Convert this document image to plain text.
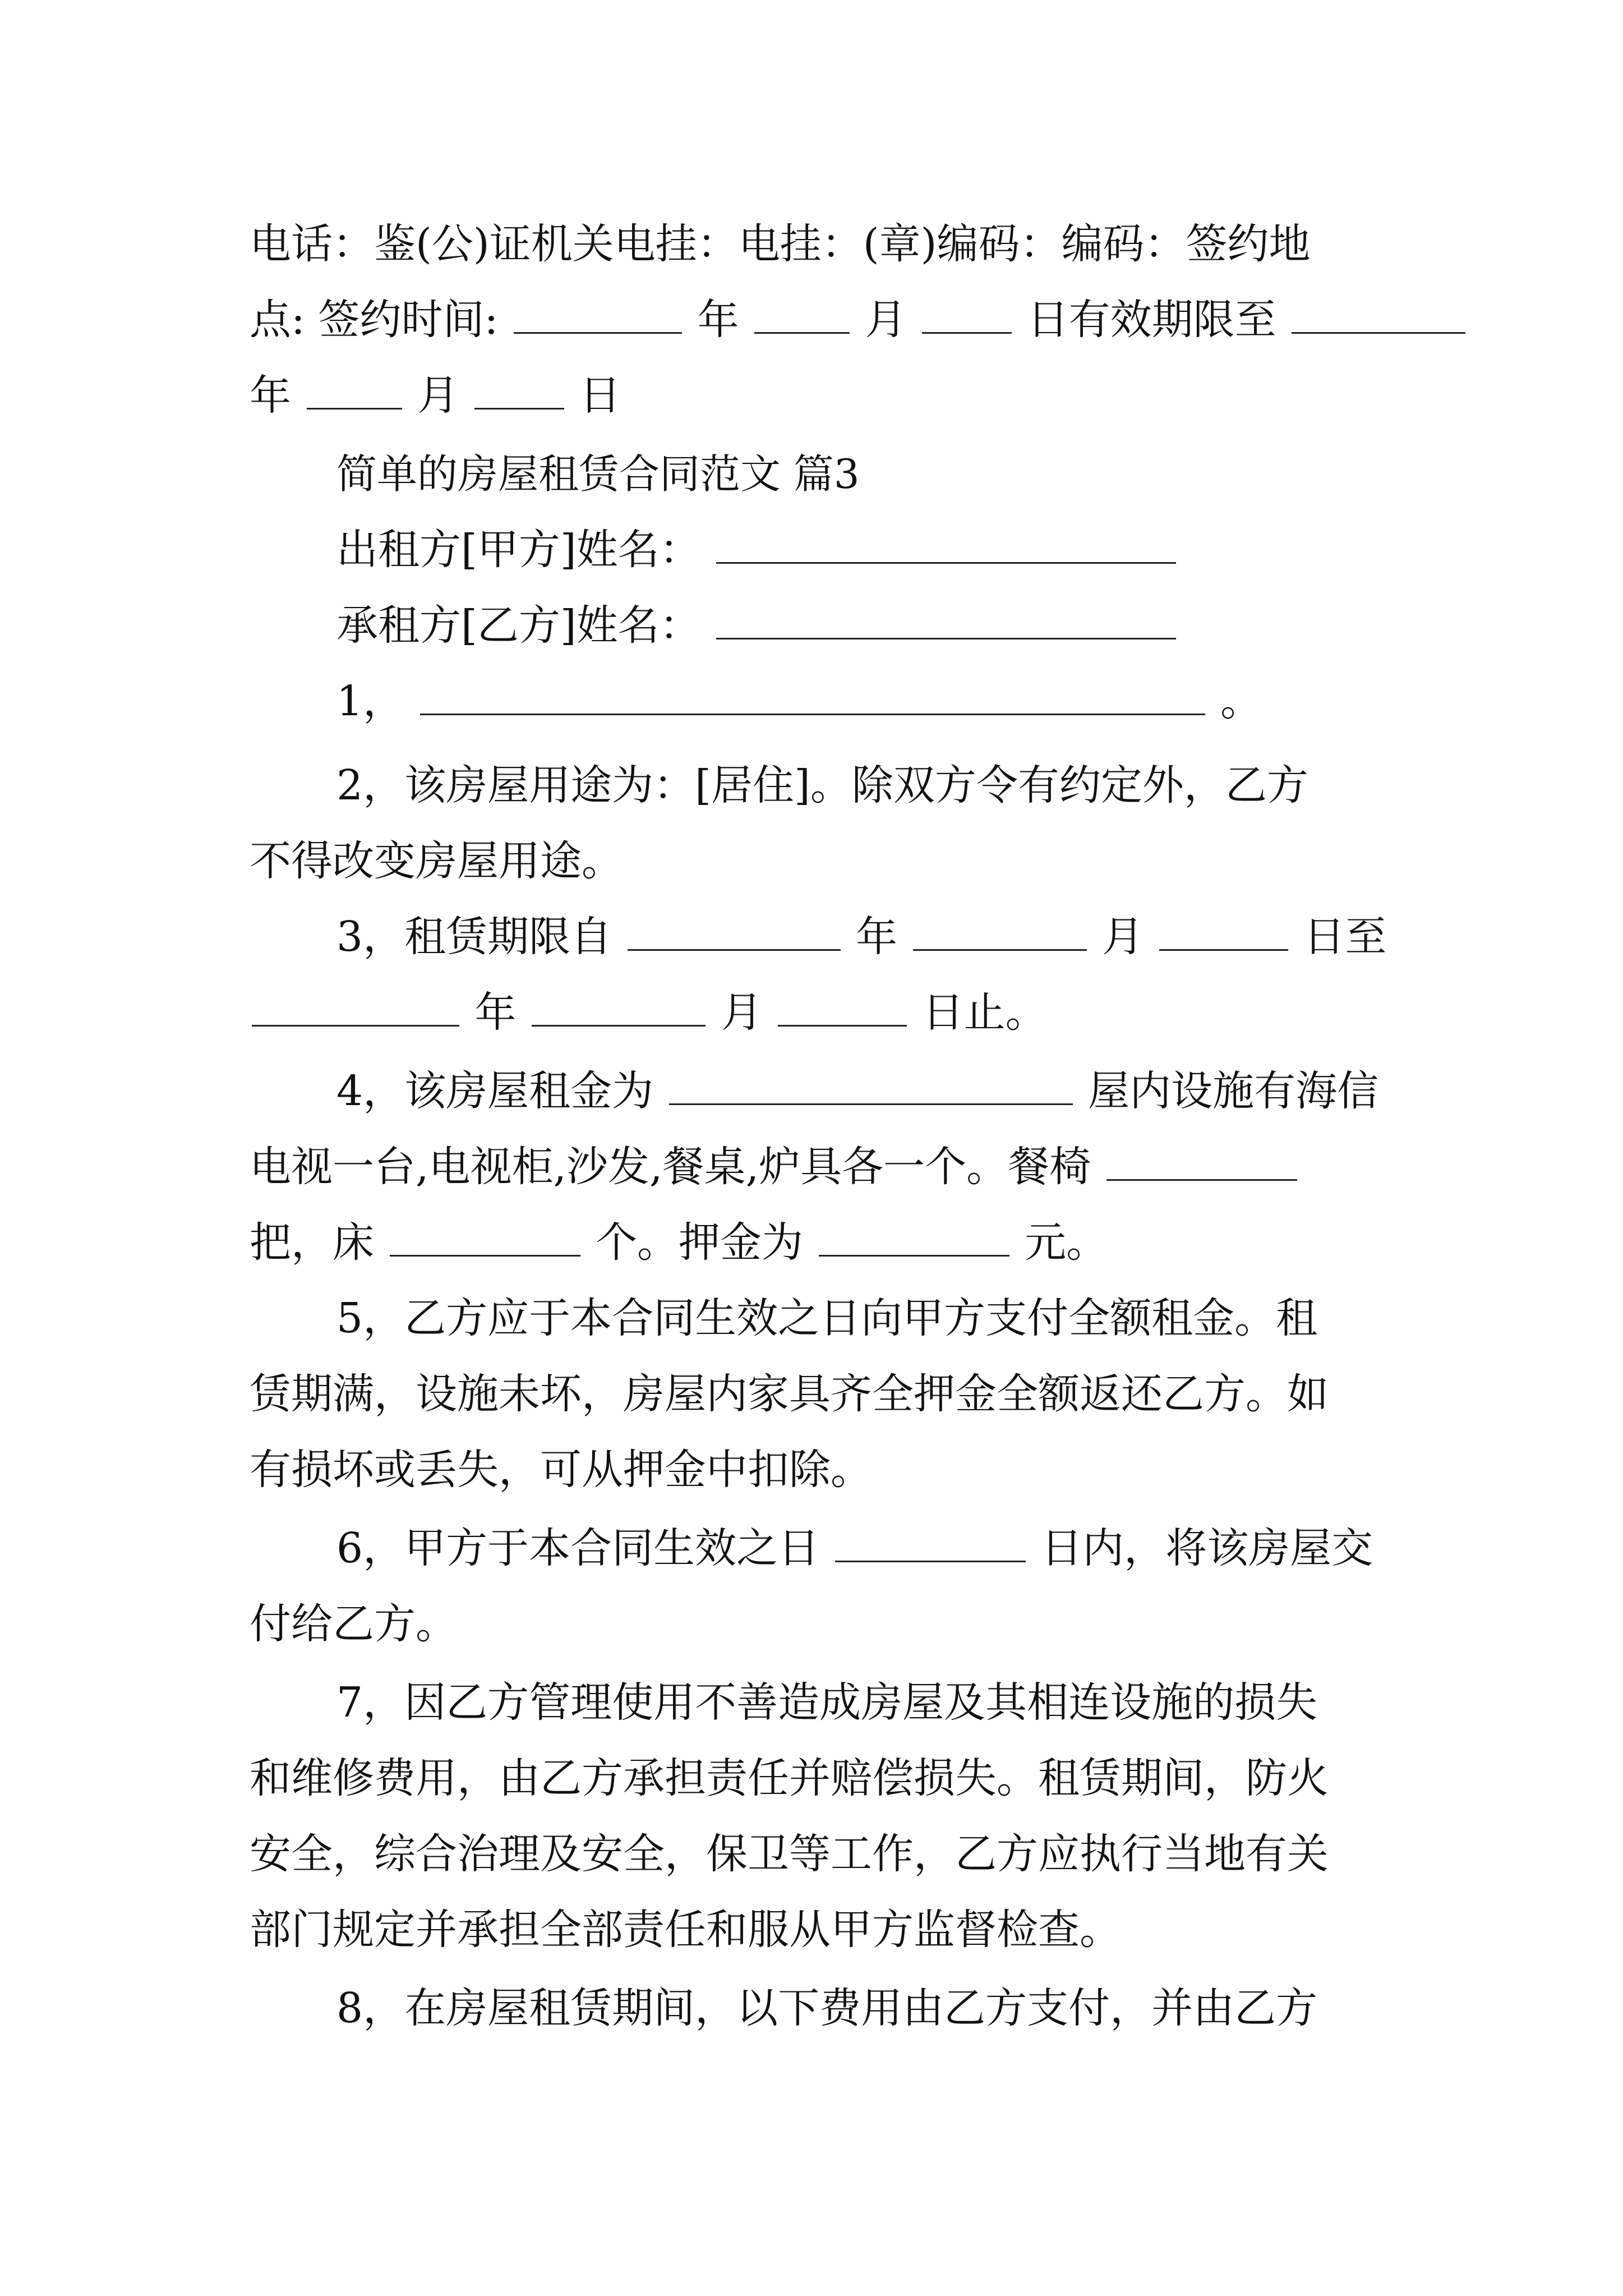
电话：鉴(公)证机关电挂：电挂：(章)编码：编码：签约地
点: 签约时间:	年	月	日有效期限至
年	月	日
简单的房屋租赁合同范文 篇3
出租方[甲方]姓名：
承租方[乙方]姓名：
1，	。
2，该房屋用途为：[居住]。除双方令有约定外，乙方
不得改变房屋用途。
3，租赁期限自	年	月	日至
年	月	日止。
4，该房屋租金为	屋内设施有海信
电视一台,电视柜,沙发,餐桌,炉具各一个。餐椅
把，床	个。押金为	元。
5，乙方应于本合同生效之日向甲方支付全额租金。租
赁期满，设施未坏，房屋内家具齐全押金全额返还乙方。如
有损坏或丢失，可从押金中扣除。
6，甲方于本合同生效之日	日内，将该房屋交
付给乙方。
7，因乙方管理使用不善造成房屋及其相连设施的损失
和维修费用，由乙方承担责任并赔偿损失。租赁期间，防火
安全，综合治理及安全，保卫等工作，乙方应执行当地有关
部门规定并承担全部责任和服从甲方监督检查。
8，在房屋租赁期间，以下费用由乙方支付，并由乙方
